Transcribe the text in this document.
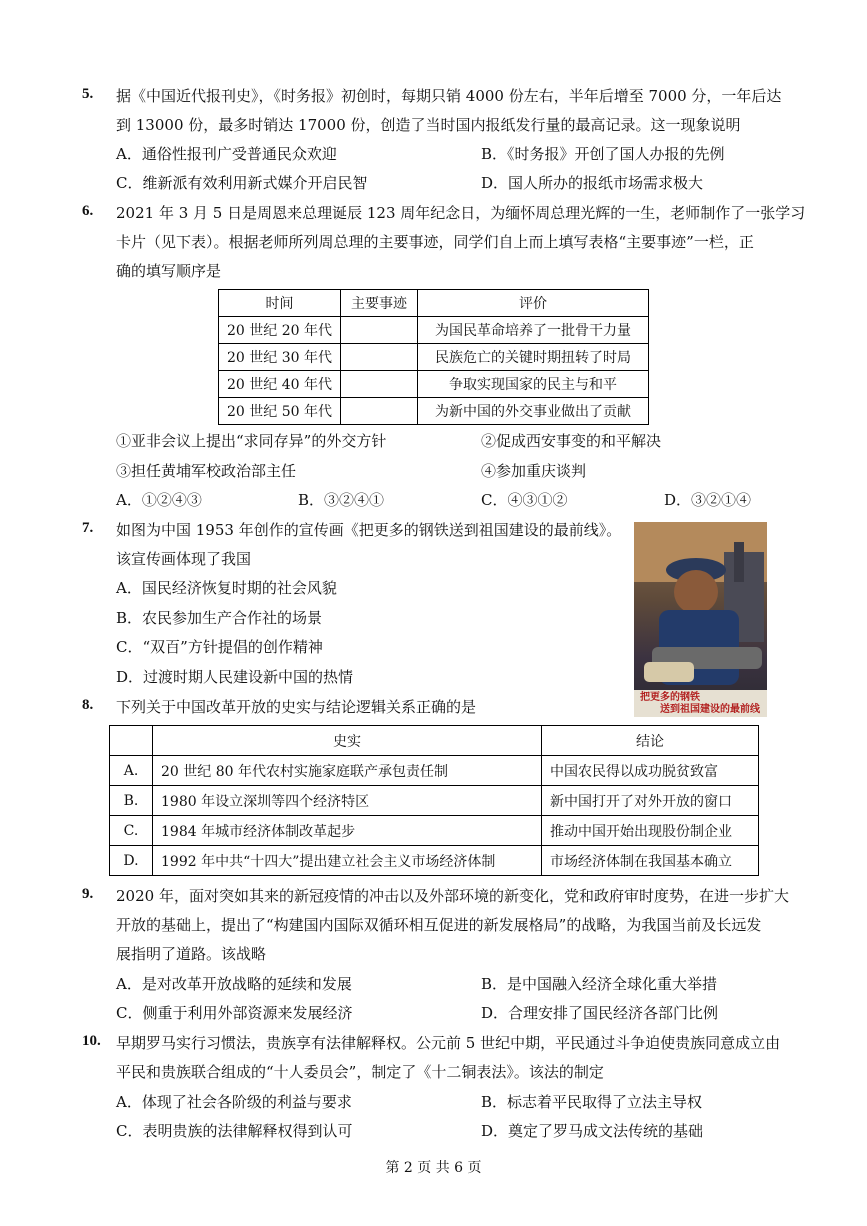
5. 据《中国近代报刊史》，《时务报》初创时，每期只销 4000 份左右，半年后增至 7000 分，一年后达
到 13000 份，最多时销达 17000 份，创造了当时国内报纸发行量的最高记录。这一现象说明
A．通俗性报刊广受普通民众欢迎	B．《时务报》开创了国人办报的先例
C．维新派有效利用新式媒介开启民智	D．国人所办的报纸市场需求极大
6. 2021 年 3 月 5 日是周恩来总理诞辰 123 周年纪念日，为缅怀周总理光辉的一生，老师制作了一张学习
卡片（见下表）。根据老师所列周总理的主要事迹，同学们自上而上填写表格“主要事迹”一栏，正
确的填写顺序是
时间	主要事迹	评价
20 世纪 20 年代		为国民革命培养了一批骨干力量
20 世纪 30 年代		民族危亡的关键时期扭转了时局
20 世纪 40 年代		争取实现国家的民主与和平
20 世纪 50 年代		为新中国的外交事业做出了贡献
①亚非会议上提出“求同存异”的外交方针	②促成西安事变的和平解决
③担任黄埔军校政治部主任	④参加重庆谈判
A．①②④③	B．③②④①	C．④③①②	D．③②①④
7. 如图为中国 1953 年创作的宣传画《把更多的钢铁送到祖国建设的最前线》。
该宣传画体现了我国
A．国民经济恢复时期的社会风貌
B．农民参加生产合作社的场景
C．“双百”方针提倡的创作精神
D．过渡时期人民建设新中国的热情
把更多的钢铁
送到祖国建设的最前线
8. 下列关于中国改革开放的史实与结论逻辑关系正确的是
	史实	结论
A.	20 世纪 80 年代农村实施家庭联产承包责任制	中国农民得以成功脱贫致富
B.	1980 年设立深圳等四个经济特区	新中国打开了对外开放的窗口
C.	1984 年城市经济体制改革起步	推动中国开始出现股份制企业
D.	1992 年中共“十四大”提出建立社会主义市场经济体制	市场经济体制在我国基本确立
9. 2020 年，面对突如其来的新冠疫情的冲击以及外部环境的新变化，党和政府审时度势，在进一步扩大
开放的基础上，提出了“构建国内国际双循环相互促进的新发展格局”的战略，为我国当前及长远发
展指明了道路。该战略
A．是对改革开放战略的延续和发展	B．是中国融入经济全球化重大举措
C．侧重于利用外部资源来发展经济	D．合理安排了国民经济各部门比例
10. 早期罗马实行习惯法，贵族享有法律解释权。公元前 5 世纪中期，平民通过斗争迫使贵族同意成立由
平民和贵族联合组成的“十人委员会”，制定了《十二铜表法》。该法的制定
A．体现了社会各阶级的利益与要求	B．标志着平民取得了立法主导权
C．表明贵族的法律解释权得到认可	D．奠定了罗马成文法传统的基础
第 2 页 共 6 页
